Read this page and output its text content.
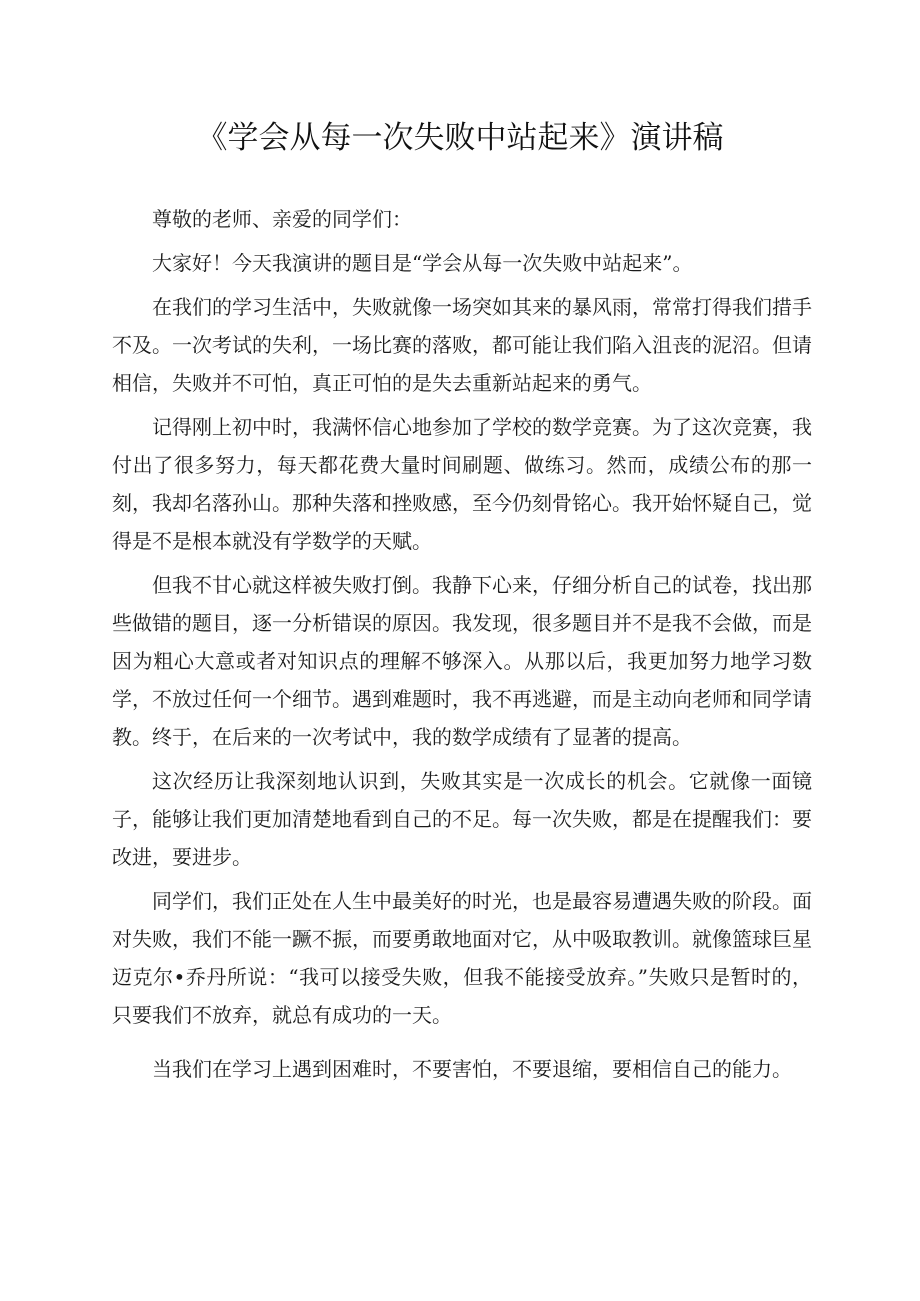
《学会从每一次失败中站起来》演讲稿

尊敬的老师、亲爱的同学们：

大家好！今天我演讲的题目是“学会从每一次失败中站起来”。

在我们的学习生活中，失败就像一场突如其来的暴风雨，常常打得我们措手不及。一次考试的失利，一场比赛的落败，都可能让我们陷入沮丧的泥沼。但请相信，失败并不可怕，真正可怕的是失去重新站起来的勇气。

记得刚上初中时，我满怀信心地参加了学校的数学竞赛。为了这次竞赛，我付出了很多努力，每天都花费大量时间刷题、做练习。然而，成绩公布的那一刻，我却名落孙山。那种失落和挫败感，至今仍刻骨铭心。我开始怀疑自己，觉得是不是根本就没有学数学的天赋。

但我不甘心就这样被失败打倒。我静下心来，仔细分析自己的试卷，找出那些做错的题目，逐一分析错误的原因。我发现，很多题目并不是我不会做，而是因为粗心大意或者对知识点的理解不够深入。从那以后，我更加努力地学习数学，不放过任何一个细节。遇到难题时，我不再逃避，而是主动向老师和同学请教。终于，在后来的一次考试中，我的数学成绩有了显著的提高。

这次经历让我深刻地认识到，失败其实是一次成长的机会。它就像一面镜子，能够让我们更加清楚地看到自己的不足。每一次失败，都是在提醒我们：要改进，要进步。

同学们，我们正处在人生中最美好的时光，也是最容易遭遇失败的阶段。面对失败，我们不能一蹶不振，而要勇敢地面对它，从中吸取教训。就像篮球巨星迈克尔•乔丹所说：“我可以接受失败，但我不能接受放弃。”失败只是暂时的，只要我们不放弃，就总有成功的一天。

当我们在学习上遇到困难时，不要害怕，不要退缩，要相信自己的能力。
